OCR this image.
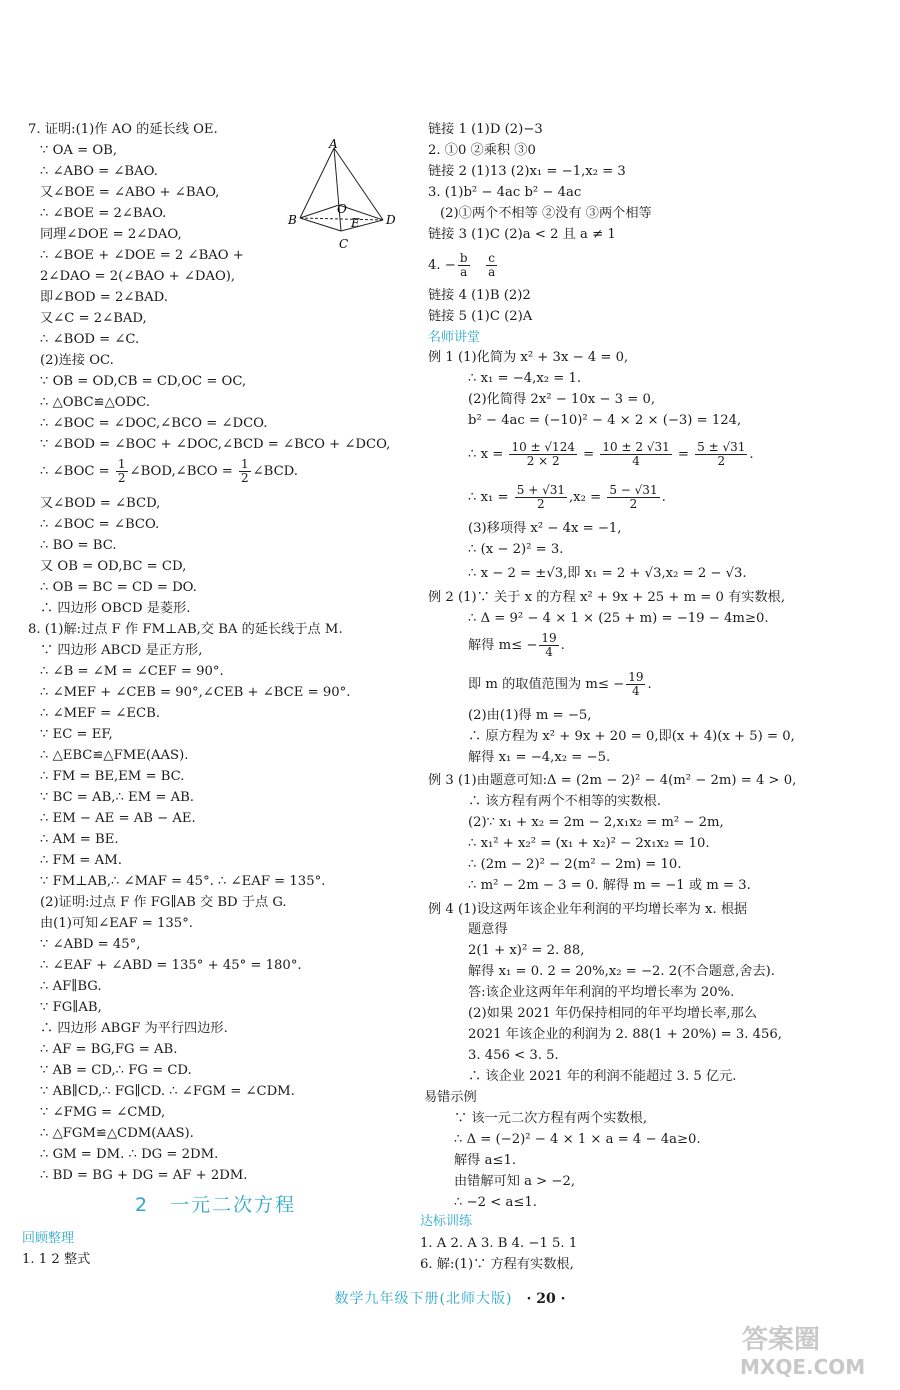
7. 证明:(1)作 AO 的延长线 OE.
∵ OA = OB,
∴ ∠ABO = ∠BAO.
又∠BOE = ∠ABO + ∠BAO,
∴ ∠BOE = 2∠BAO.
同理∠DOE = 2∠DAO,
∴ ∠BOE + ∠DOE = 2 ∠BAO +
2∠DAO = 2(∠BAO + ∠DAO),
即∠BOD = 2∠BAD.
又∠C = 2∠BAD,
∴ ∠BOD = ∠C.
(2)连接 OC.
∵ OB = OD,CB = CD,OC = OC,
∴ △OBC≌△ODC.
∴ ∠BOC = ∠DOC,∠BCO = ∠DCO.
∵ ∠BOD = ∠BOC + ∠DOC,∠BCD = ∠BCO + ∠DCO,
又∠BOD = ∠BCD,
∴ ∠BOC = ∠BCO.
∴ BO = BC.
又 OB = OD,BC = CD,
∴ OB = BC = CD = DO.
∴ 四边形 OBCD 是菱形.
8. (1)解:过点 F 作 FM⊥AB,交 BA 的延长线于点 M.
∵ 四边形 ABCD 是正方形,
∴ ∠B = ∠M = ∠CEF = 90°.
∴ ∠MEF + ∠CEB = 90°,∠CEB + ∠BCE = 90°.
∴ ∠MEF = ∠ECB.
∵ EC = EF,
∴ △EBC≌△FME(AAS).
∴ FM = BE,EM = BC.
∵ BC = AB,∴ EM = AB.
∴ EM − AE = AB − AE.
∴ AM = BE.
∴ FM = AM.
∵ FM⊥AB,∴ ∠MAF = 45°. ∴ ∠EAF = 135°.
(2)证明:过点 F 作 FG∥AB 交 BD 于点 G.
由(1)可知∠EAF = 135°.
∵ ∠ABD = 45°,
∴ ∠EAF + ∠ABD = 135° + 45° = 180°.
∴ AF∥BG.
∵ FG∥AB,
∴ 四边形 ABGF 为平行四边形.
∴ AF = BG,FG = AB.
∵ AB = CD,∴ FG = CD.
∵ AB∥CD,∴ FG∥CD. ∴ ∠FGM = ∠CDM.
∵ ∠FMG = ∠CMD,
∴ △FGM≌△CDM(AAS).
∴ GM = DM. ∴ DG = 2DM.
∴ BD = BG + DG = AF + 2DM.
1. 1 2 整式
链接 1 (1)D (2)−3
2. ①0 ②乘积 ③0
链接 2 (1)13 (2)x₁ = −1,x₂ = 3
3. (1)b² − 4ac b² − 4ac
(2)①两个不相等 ②没有 ③两个相等
链接 3 (1)C (2)a < 2 且 a ≠ 1
链接 4 (1)B (2)2
链接 5 (1)C (2)A
例 1 (1)化简为 x² + 3x − 4 = 0,
∴ x₁ = −4,x₂ = 1.
(2)化简得 2x² − 10x − 3 = 0,
b² − 4ac = (−10)² − 4 × 2 × (−3) = 124,
(3)移项得 x² − 4x = −1,
∴ (x − 2)² = 3.
∴ x − 2 = ±√3,即 x₁ = 2 + √3,x₂ = 2 − √3.
例 2 (1)∵ 关于 x 的方程 x² + 9x + 25 + m = 0 有实数根,
∴ Δ = 9² − 4 × 1 × (25 + m) = −19 − 4m≥0.
(2)由(1)得 m = −5,
∴ 原方程为 x² + 9x + 20 = 0,即(x + 4)(x + 5) = 0,
解得 x₁ = −4,x₂ = −5.
例 3 (1)由题意可知:Δ = (2m − 2)² − 4(m² − 2m) = 4 > 0,
∴ 该方程有两个不相等的实数根.
(2)∵ x₁ + x₂ = 2m − 2,x₁x₂ = m² − 2m,
∴ x₁² + x₂² = (x₁ + x₂)² − 2x₁x₂ = 10.
∴ (2m − 2)² − 2(m² − 2m) = 10.
∴ m² − 2m − 3 = 0. 解得 m = −1 或 m = 3.
例 4 (1)设这两年该企业年利润的平均增长率为 x. 根据
题意得
2(1 + x)² = 2. 88,
解得 x₁ = 0. 2 = 20%,x₂ = −2. 2(不合题意,舍去).
答:该企业这两年年利润的平均增长率为 20%.
(2)如果 2021 年仍保持相同的年平均增长率,那么
2021 年该企业的利润为 2. 88(1 + 20%) = 3. 456,
3. 456 < 3. 5.
∴ 该企业 2021 年的利润不能超过 3. 5 亿元.
易错示例
∵ 该一元二次方程有两个实数根,
∴ Δ = (−2)² − 4 × 1 × a = 4 − 4a≥0.
解得 a≤1.
由错解可知 a > −2,
∴ −2 < a≤1.
1. A 2. A 3. B 4. −1 5. 1
6. 解:(1)∵ 方程有实数根,
∴ ∠BOC = $\frac{1}{2}$ ∠BOD,∠BCO = $\frac{1}{2}$ ∠BCD.
A
B
C
D
O
E
2　一元二次方程
回顾整理
4. − $\frac{b}{a}$
$\frac{c}{a}$
名师讲堂
∴ $x = \frac{10 \pm √124}{2 \times 2} = \frac{10 \pm 2 √31}{4} = \frac{5 \pm √31}{2}$ .
∴ $x_1 = \frac{5 + √31}{2} ,x_2 = \frac{5 - √31}{2}$ .
解得 $m\le - \frac{19}{4}$ .
即 m 的取值范围为 $m\le - \frac{19}{4}$ .
达标训练
数学九年级下册(北师大版) · 20 ·
答案圈
MXQE.COM
